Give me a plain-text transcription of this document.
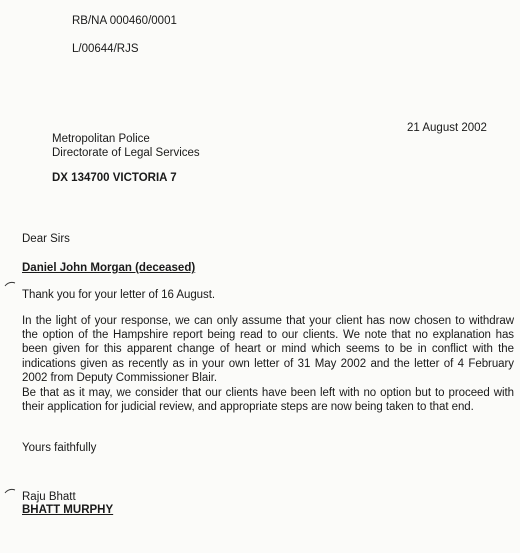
RB/NA 000460/0001
L/00644/RJS
21 August 2002
Metropolitan Police
Directorate of Legal Services
DX 134700 VICTORIA 7
Dear Sirs
Daniel John Morgan (deceased)
Thank you for your letter of 16 August.
In the light of your response, we can only assume that your client has now chosen to withdraw the option of the Hampshire report being read to our clients. We note that no explanation has been given for this apparent change of heart or mind which seems to be in conflict with the indications given as recently as in your own letter of 31 May 2002 and the letter of 4 February 2002 from Deputy Commissioner Blair.
Be that as it may, we consider that our clients have been left with no option but to proceed with their application for judicial review, and appropriate steps are now being taken to that end.
Yours faithfully
Raju Bhatt
BHATT MURPHY
